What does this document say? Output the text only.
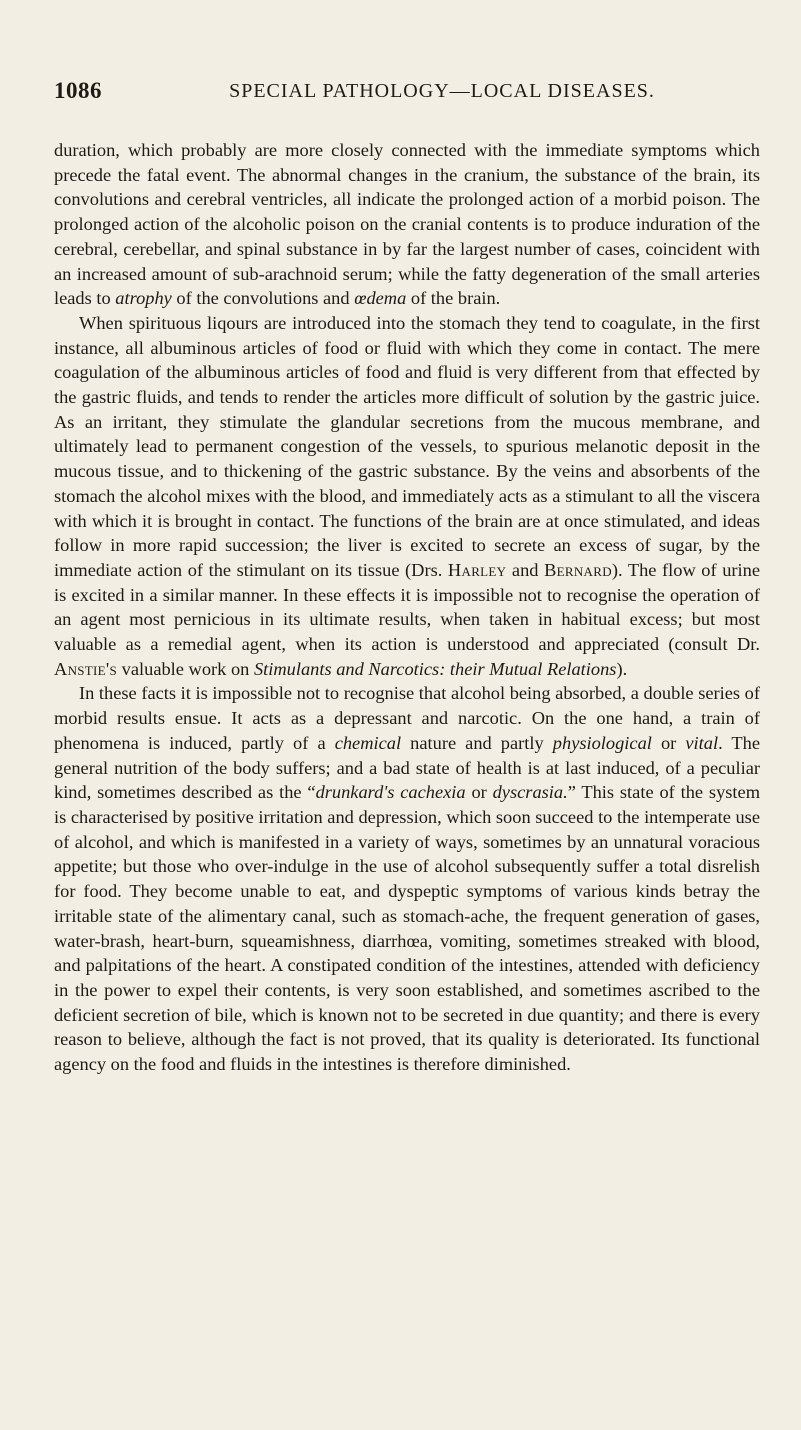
1086	SPECIAL PATHOLOGY—LOCAL DISEASES.

duration, which probably are more closely connected with the immediate symptoms which precede the fatal event. The abnormal changes in the cranium, the substance of the brain, its convolutions and cerebral ventricles, all indicate the prolonged action of a morbid poison. The prolonged action of the alcoholic poison on the cranial contents is to produce induration of the cerebral, cerebellar, and spinal substance in by far the largest number of cases, coincident with an increased amount of sub-arachnoid serum; while the fatty degeneration of the small arteries leads to atrophy of the convolutions and œdema of the brain.

When spirituous liqours are introduced into the stomach they tend to coagulate, in the first instance, all albuminous articles of food or fluid with which they come in contact. The mere coagulation of the albuminous articles of food and fluid is very different from that effected by the gastric fluids, and tends to render the articles more difficult of solution by the gastric juice. As an irritant, they stimulate the glandular secretions from the mucous membrane, and ultimately lead to permanent congestion of the vessels, to spurious melanotic deposit in the mucous tissue, and to thickening of the gastric substance. By the veins and absorbents of the stomach the alcohol mixes with the blood, and immediately acts as a stimulant to all the viscera with which it is brought in contact. The functions of the brain are at once stimulated, and ideas follow in more rapid succession; the liver is excited to secrete an excess of sugar, by the immediate action of the stimulant on its tissue (Drs. Harley and Bernard). The flow of urine is excited in a similar manner. In these effects it is impossible not to recognise the operation of an agent most pernicious in its ultimate results, when taken in habitual excess; but most valuable as a remedial agent, when its action is understood and appreciated (consult Dr. Anstie's valuable work on Stimulants and Narcotics: their Mutual Relations).

In these facts it is impossible not to recognise that alcohol being absorbed, a double series of morbid results ensue. It acts as a depressant and narcotic. On the one hand, a train of phenomena is induced, partly of a chemical nature and partly physiological or vital. The general nutrition of the body suffers; and a bad state of health is at last induced, of a peculiar kind, sometimes described as the “drunkard's cachexia or dyscrasia.” This state of the system is characterised by positive irritation and depression, which soon succeed to the intemperate use of alcohol, and which is manifested in a variety of ways, sometimes by an unnatural voracious appetite; but those who over-indulge in the use of alcohol subsequently suffer a total disrelish for food. They become unable to eat, and dyspeptic symptoms of various kinds betray the irritable state of the alimentary canal, such as stomach-ache, the frequent generation of gases, water-brash, heart-burn, squeamishness, diarrhœa, vomiting, sometimes streaked with blood, and palpitations of the heart. A constipated condition of the intestines, attended with deficiency in the power to expel their contents, is very soon established, and sometimes ascribed to the deficient secretion of bile, which is known not to be secreted in due quantity; and there is every reason to believe, although the fact is not proved, that its quality is deteriorated. Its functional agency on the food and fluids in the intestines is therefore diminished.
